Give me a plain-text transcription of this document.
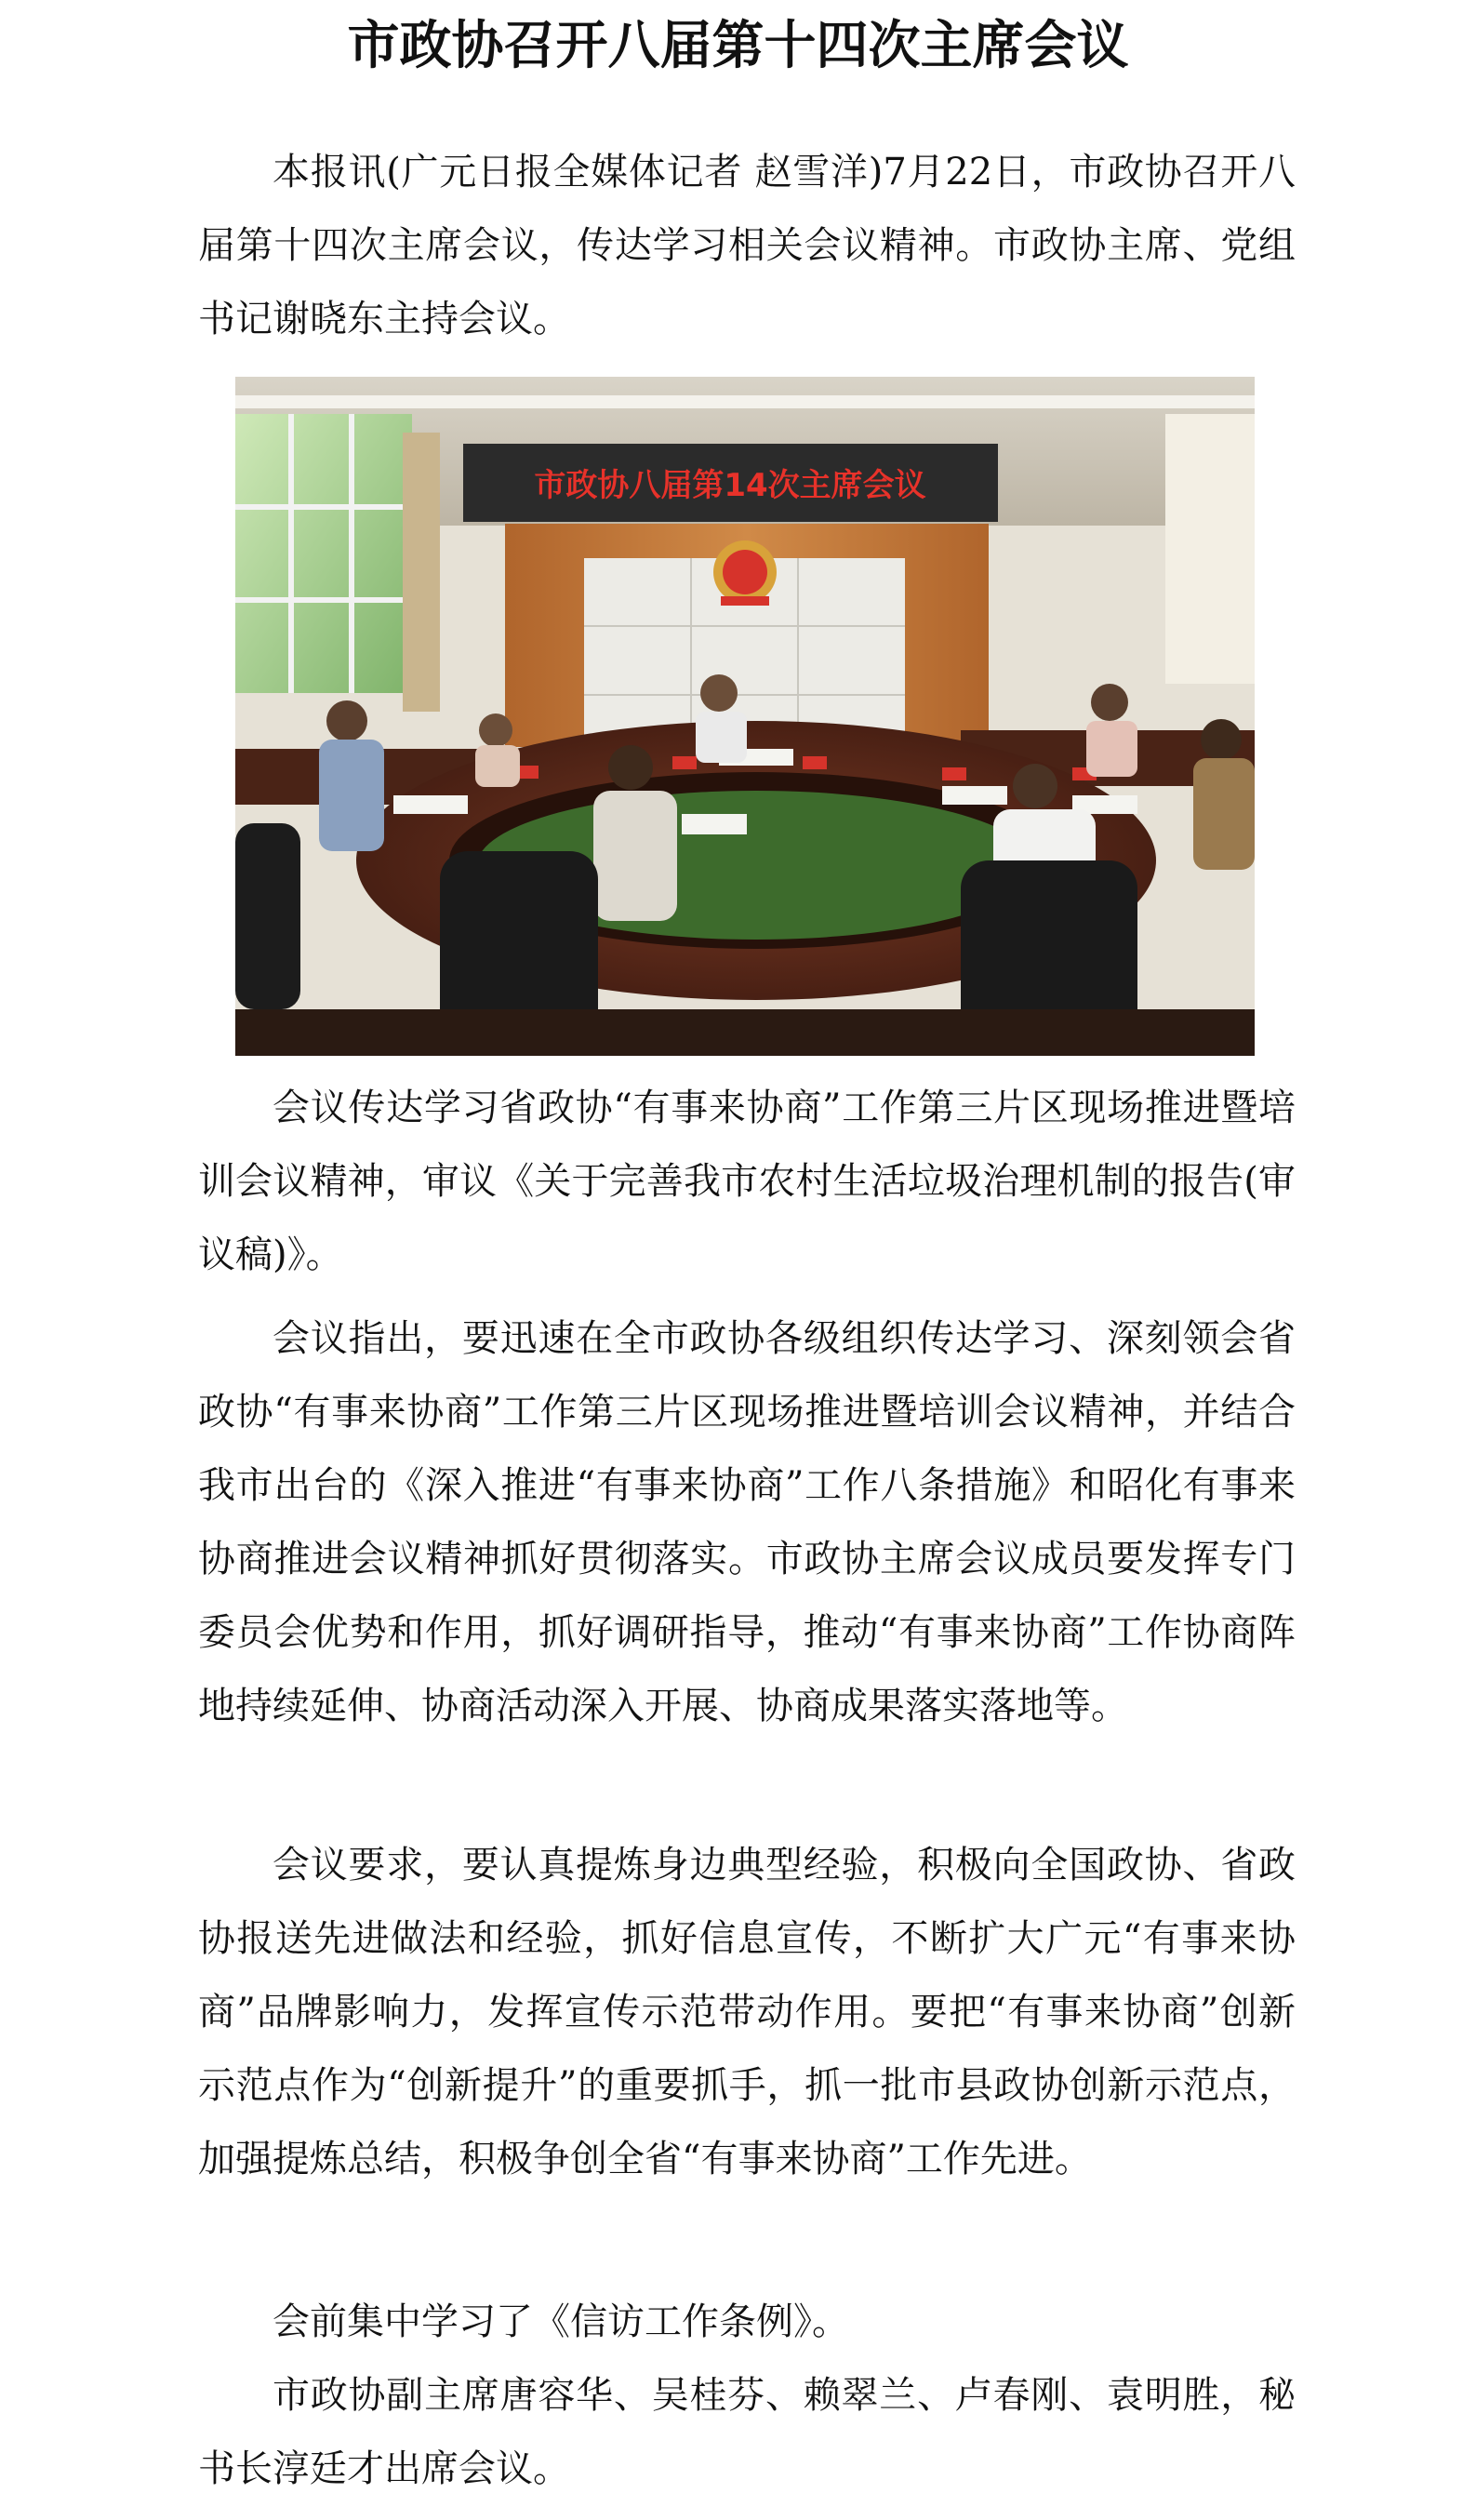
市政协召开八届第十四次主席会议

本报讯(广元日报全媒体记者 赵雪洋)7月22日，市政协召开八届第十四次主席会议，传达学习相关会议精神。市政协主席、党组书记谢晓东主持会议。

市政协八届第14次主席会议

会议传达学习省政协“有事来协商”工作第三片区现场推进暨培训会议精神，审议《关于完善我市农村生活垃圾治理机制的报告(审议稿)》。

会议指出，要迅速在全市政协各级组织传达学习、深刻领会省政协“有事来协商”工作第三片区现场推进暨培训会议精神，并结合我市出台的《深入推进“有事来协商”工作八条措施》和昭化有事来协商推进会议精神抓好贯彻落实。市政协主席会议成员要发挥专门委员会优势和作用，抓好调研指导，推动“有事来协商”工作协商阵地持续延伸、协商活动深入开展、协商成果落实落地等。

会议要求，要认真提炼身边典型经验，积极向全国政协、省政协报送先进做法和经验，抓好信息宣传，不断扩大广元“有事来协商”品牌影响力，发挥宣传示范带动作用。要把“有事来协商”创新示范点作为“创新提升”的重要抓手，抓一批市县政协创新示范点，加强提炼总结，积极争创全省“有事来协商”工作先进。

会前集中学习了《信访工作条例》。

市政协副主席唐容华、吴桂芬、赖翠兰、卢春刚、袁明胜，秘书长淳廷才出席会议。
